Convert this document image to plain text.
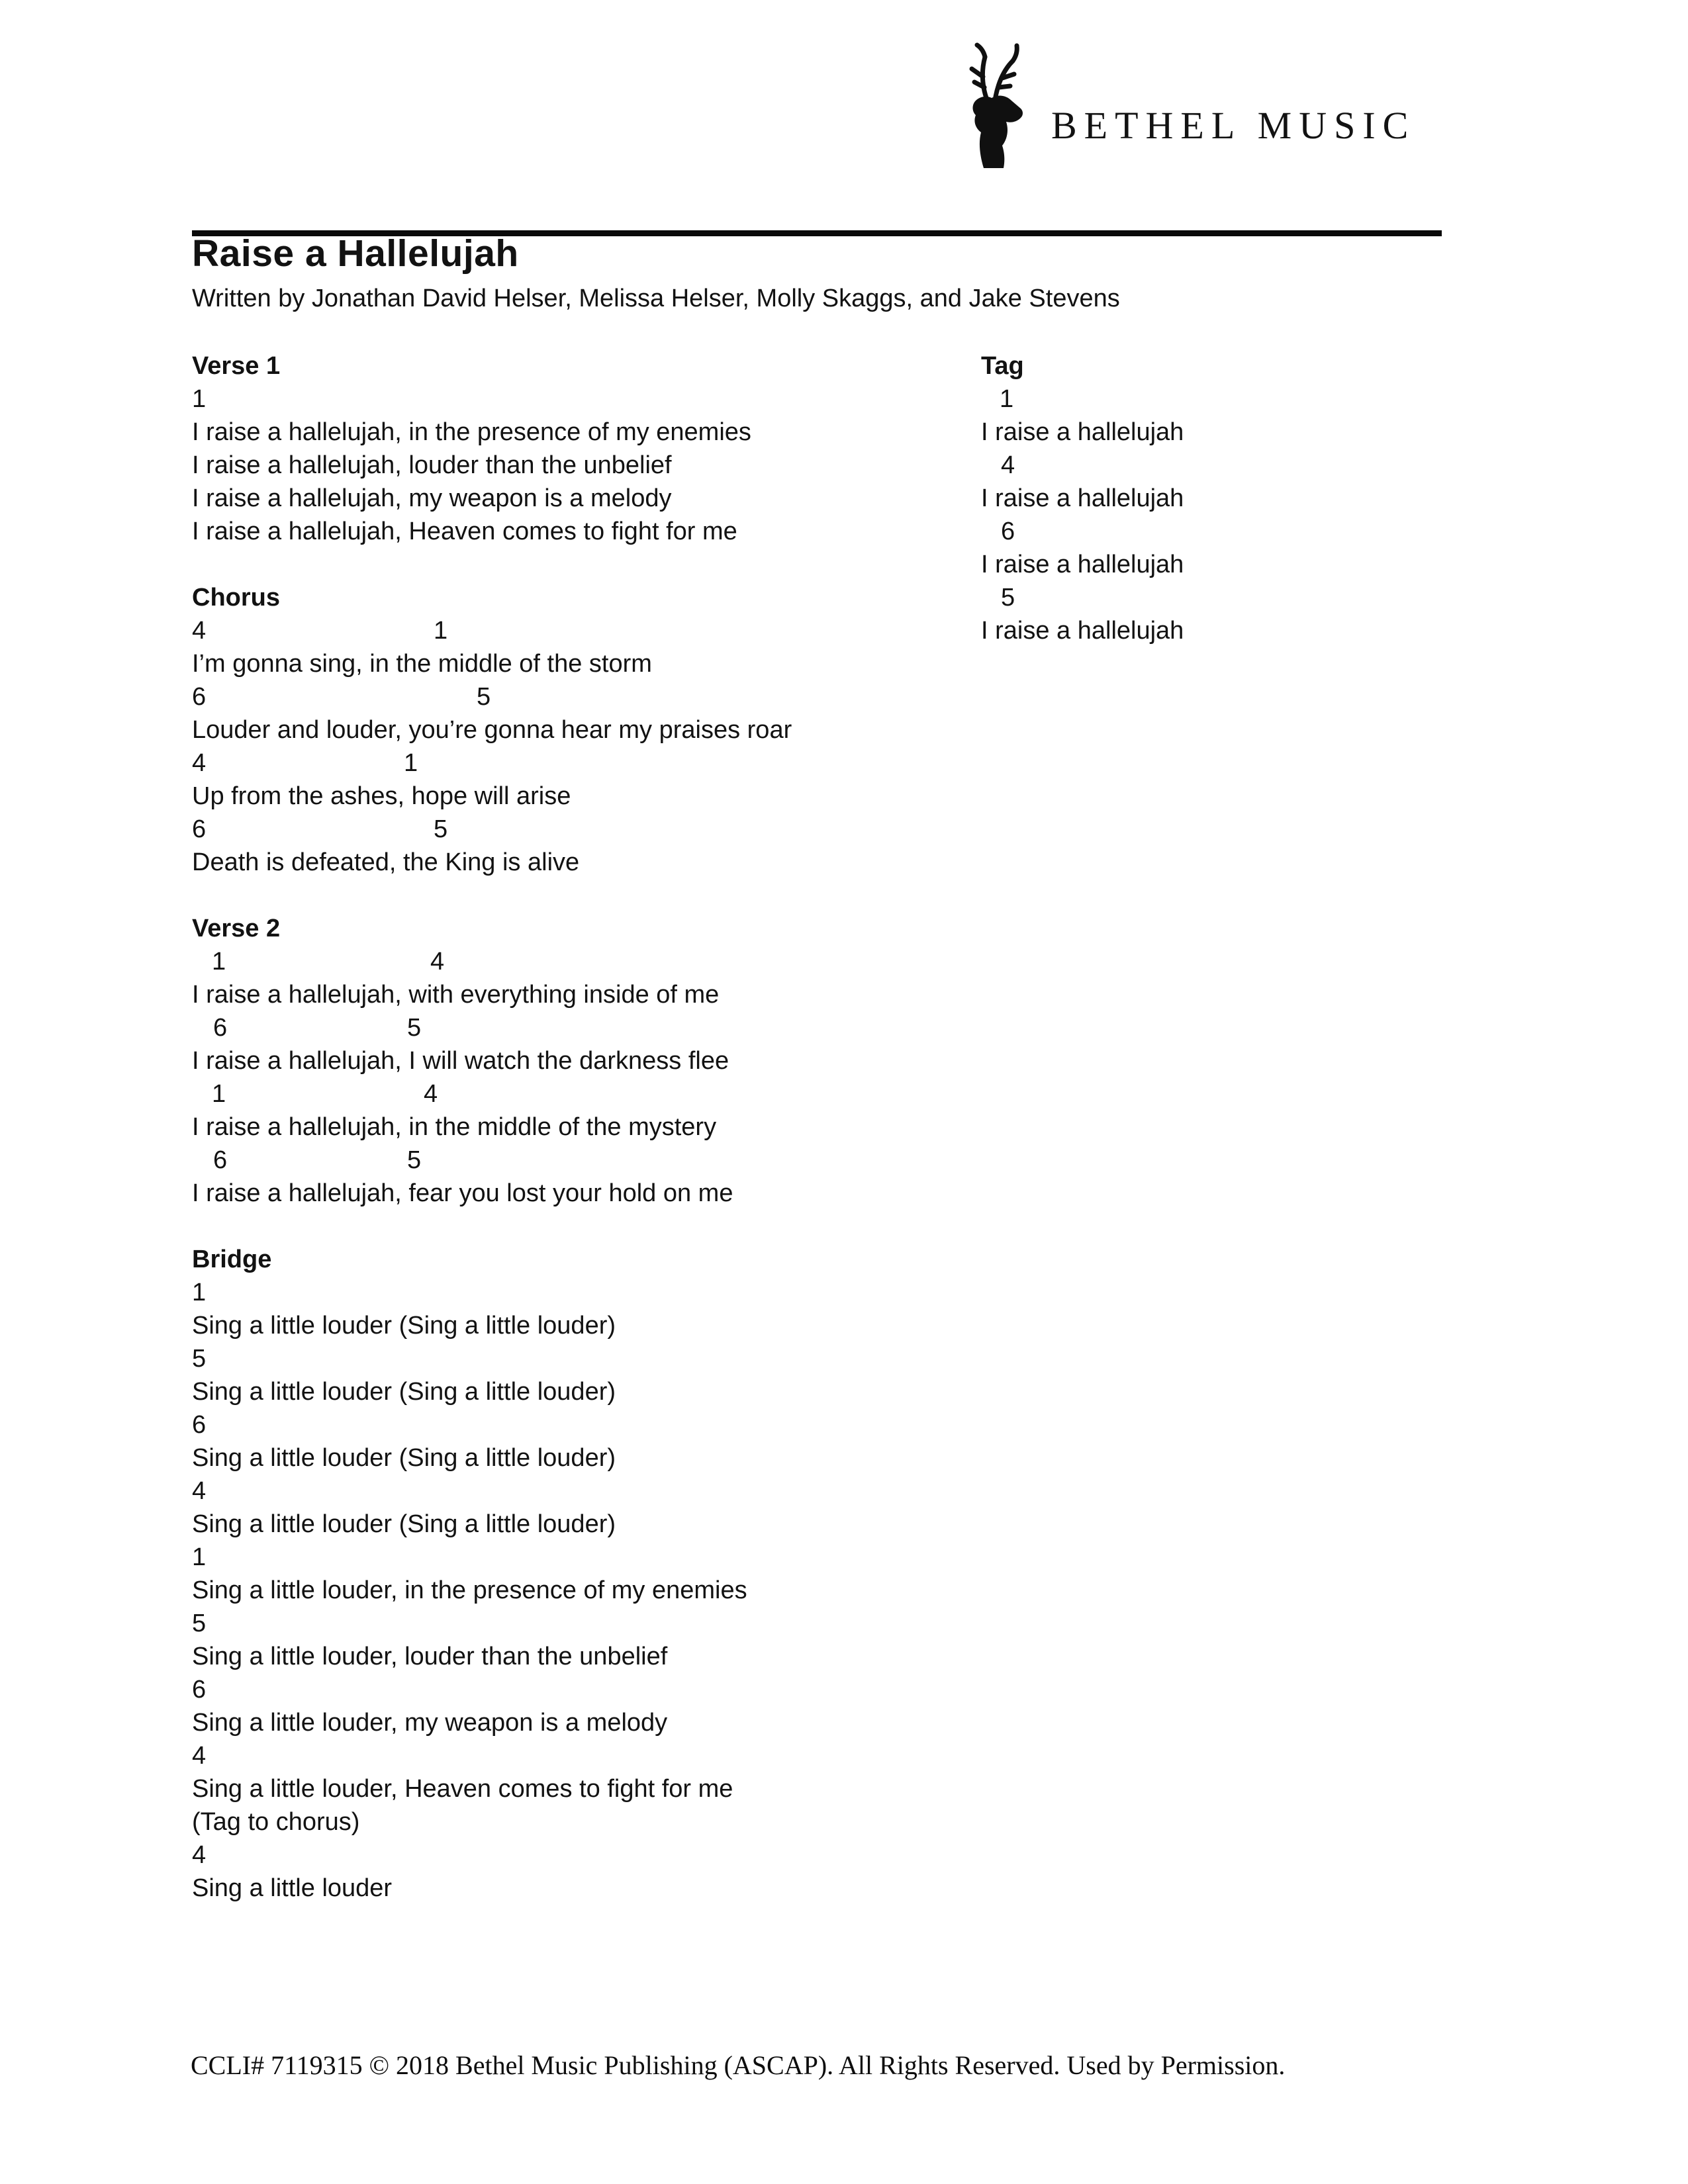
BETHEL MUSIC
Raise a Hallelujah
Written by Jonathan David Helser, Melissa Helser, Molly Skaggs, and Jake Stevens
Verse 1
1
I raise a hallelujah, in the presence of my enemies
I raise a hallelujah, louder than the unbelief
I raise a hallelujah, my weapon is a melody
I raise a hallelujah, Heaven comes to fight for me
Chorus
4	1
I’m gonna sing, in the middle of the storm
6	5
Louder and louder, you’re gonna hear my praises roar
4	1
Up from the ashes, hope will arise
6	5
Death is defeated, the King is alive
Verse 2
1	4
I raise a hallelujah, with everything inside of me
6	5
I raise a hallelujah, I will watch the darkness flee
1	4
I raise a hallelujah, in the middle of the mystery
6	5
I raise a hallelujah, fear you lost your hold on me
Bridge
1
Sing a little louder (Sing a little louder)
5
Sing a little louder (Sing a little louder)
6
Sing a little louder (Sing a little louder)
4
Sing a little louder (Sing a little louder)
1
Sing a little louder, in the presence of my enemies
5
Sing a little louder, louder than the unbelief
6
Sing a little louder, my weapon is a melody
4
Sing a little louder, Heaven comes to fight for me
(Tag to chorus)
4
Sing a little louder
Tag
1
I raise a hallelujah
4
I raise a hallelujah
6
I raise a hallelujah
5
I raise a hallelujah
CCLI# 7119315 © 2018 Bethel Music Publishing (ASCAP). All Rights Reserved. Used by Permission.
